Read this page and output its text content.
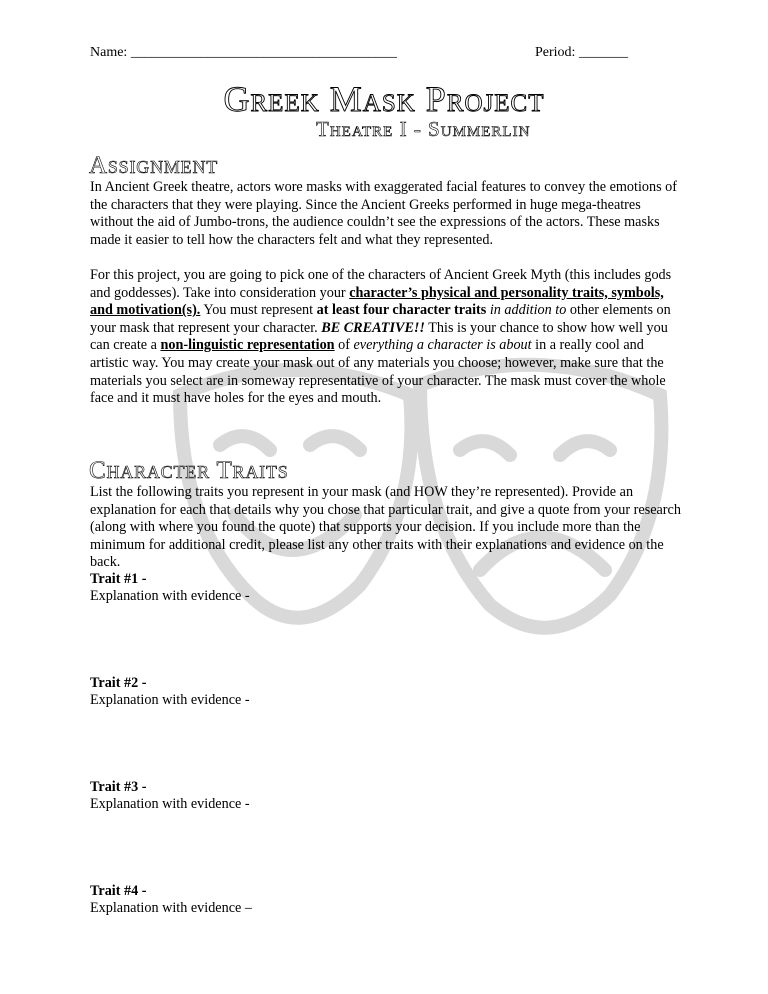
Name: ______________________________________	Period: _______
Greek Mask Project
Theatre I - Summerlin
Assignment
In Ancient Greek theatre, actors wore masks with exaggerated facial features to convey the emotions of the characters that they were playing. Since the Ancient Greeks performed in huge mega-theatres without the aid of Jumbo-trons, the audience couldn’t see the expressions of the actors. These masks made it easier to tell how the characters felt and what they represented.
For this project, you are going to pick one of the characters of Ancient Greek Myth (this includes gods and goddesses). Take into consideration your character’s physical and personality traits, symbols, and motivation(s). You must represent at least four character traits in addition to other elements on your mask that represent your character. BE CREATIVE!! This is your chance to show how well you can create a non-linguistic representation of everything a character is about in a really cool and artistic way. You may create your mask out of any materials you choose; however, make sure that the materials you select are in someway representative of your character. The mask must cover the whole face and it must have holes for the eyes and mouth.
Character Traits
List the following traits you represent in your mask (and HOW they’re represented). Provide an explanation for each that details why you chose that particular trait, and give a quote from your research (along with where you found the quote) that supports your decision. If you include more than the minimum for additional credit, please list any other traits with their explanations and evidence on the back.
Trait #1 -
Explanation with evidence -
Trait #2 -
Explanation with evidence -
Trait #3 -
Explanation with evidence -
Trait #4 -
Explanation with evidence –
